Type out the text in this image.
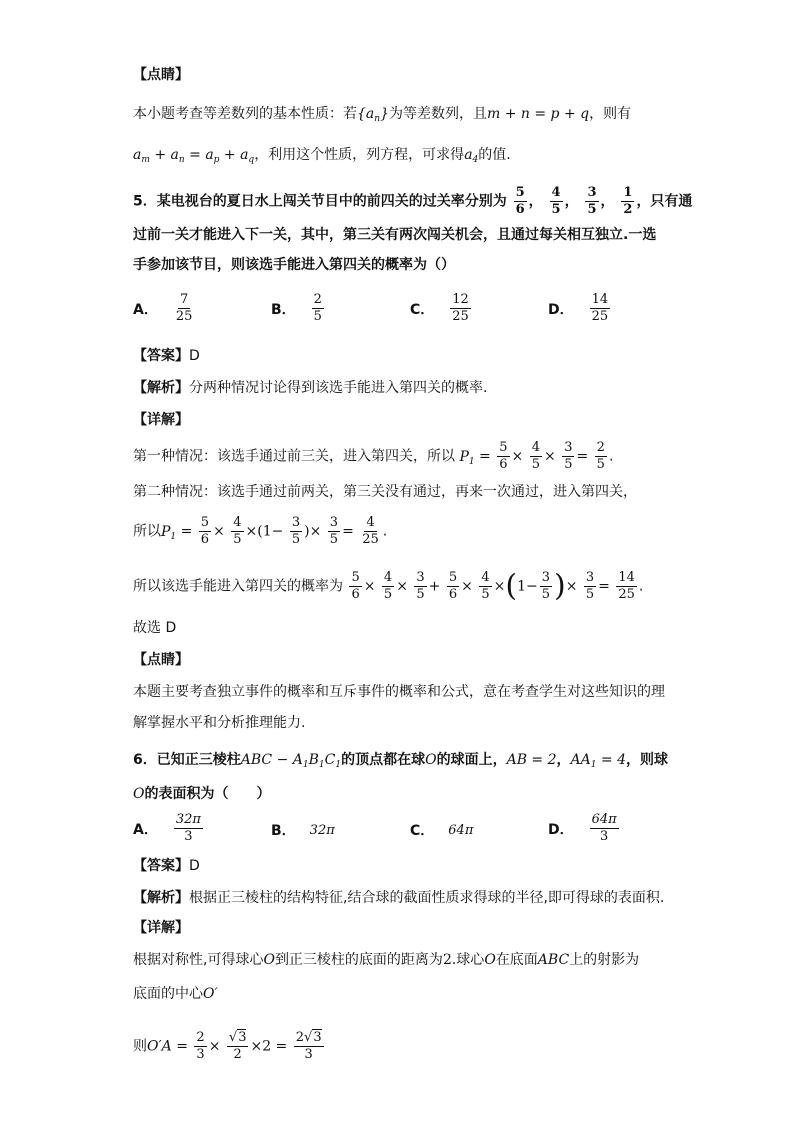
【点睛】
本小题考查等差数列的基本性质：若$\{a_n\}$为等差数列，且m + n = p + q，则有
$a_m + a_n = a_p + a_q$，利用这个性质，列方程，可求得$a_4$的值.
5．某电视台的夏日水上闯关节目中的前四关的过关率分别为 $\frac{5}{6}$ ， $\frac{4}{5}$ ， $\frac{3}{5}$ ， $\frac{1}{2}$ ，只有通
过前一关才能进入下一关，其中，第三关有两次闯关机会，且通过每关相互独立.一选
手参加该节目，则该选手能进入第四关的概率为（）
A． $\frac{7}{25}$	B． $\frac{2}{5}$	C． $\frac{12}{25}$	D． $\frac{14}{25}$
【答案】D
【解析】分两种情况讨论得到该选手能进入第四关的概率.
【详解】
第一种情况：该选手通过前三关，进入第四关，所以 $P_1 = \frac{5}{6} \times \frac{4}{5} \times \frac{3}{5} = \frac{2}{5}$ .
第二种情况：该选手通过前两关，第三关没有通过，再来一次通过，进入第四关，
所以$P_1 = \frac{5}{6} \times \frac{4}{5} \times(1- \frac{3}{5}$ )× $\frac{3}{5} = \frac{4}{25}$ .
所以该选手能进入第四关的概率为 $\frac{5}{6} \times \frac{4}{5} \times \frac{3}{5} + \frac{5}{6} \times \frac{4}{5} \times(1- \frac{3}{5}$ )× $\frac{3}{5} = \frac{14}{25}$ .
故选 D
【点睛】
本题主要考查独立事件的概率和互斥事件的概率和公式，意在考查学生对这些知识的理
解掌握水平和分析推理能力.
6．已知正三棱柱ABC − $A_1B_1C_1$的顶点都在球O的球面上，AB = 2，$AA_1 = 4$，则球
O的表面积为（　　）
A． $\frac{32\pi}{3}$	B． 32π	C． 64π	D． $\frac{64\pi}{3}$
【答案】D
【解析】根据正三棱柱的结构特征,结合球的截面性质求得球的半径,即可得球的表面积.
【详解】
根据对称性,可得球心O到正三棱柱的底面的距离为2.球心O在底面ABC上的射影为
底面的中心O′
则$O'A = \frac{2}{3} \times \frac{√3}{2} \times 2 = \frac{2√3}{3}$
